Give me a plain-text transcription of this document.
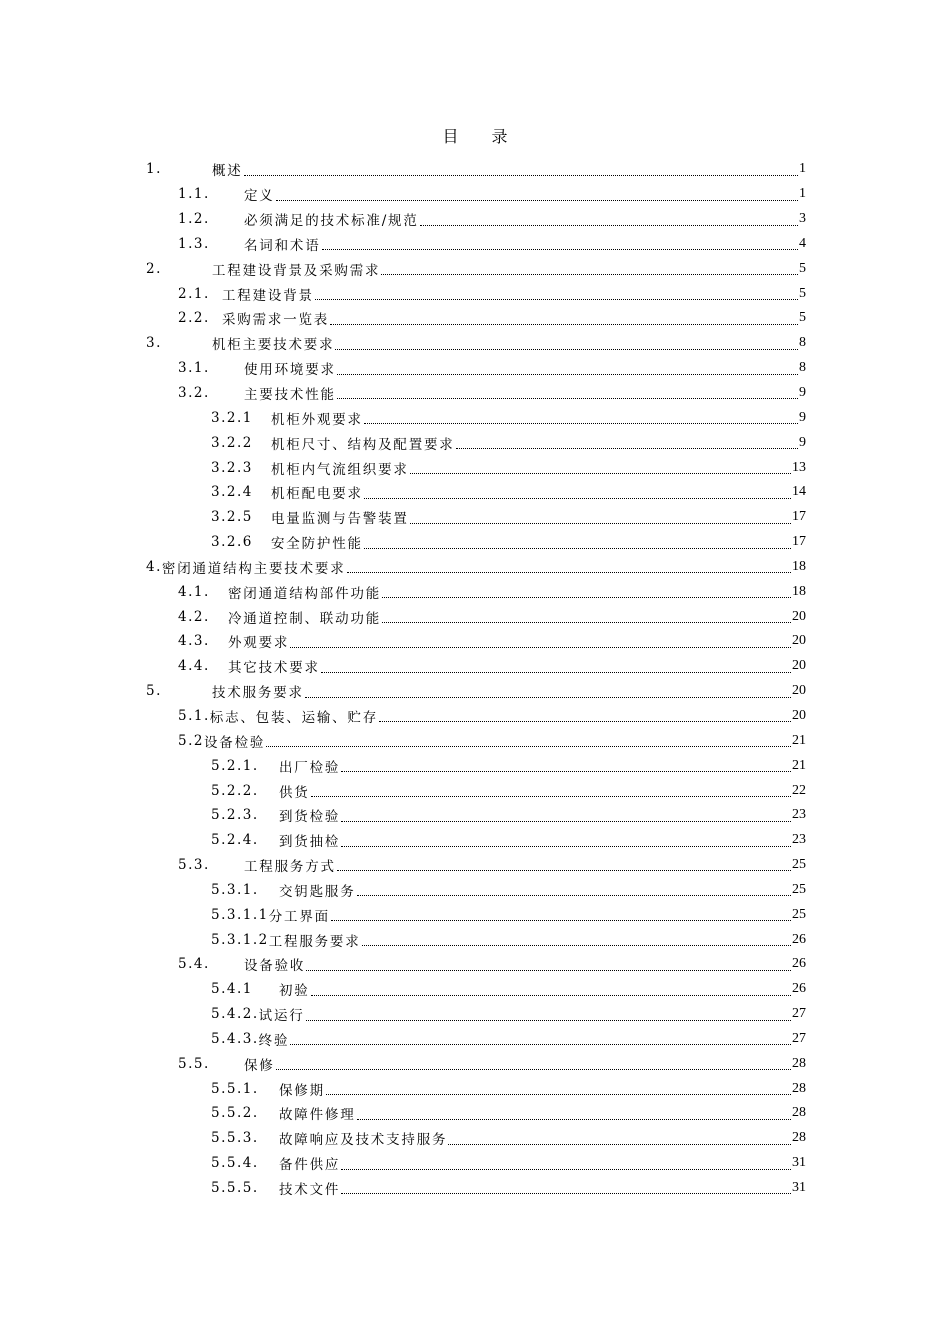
目 录
1.	概述	1
1.1.	定义	1
1.2.	必须满足的技术标准/规范	3
1.3.	名词和术语	4
2.	工程建设背景及采购需求	5
2.1. 工程建设背景	5
2.2. 采购需求一览表	5
3.	机柜主要技术要求	8
3.1.	使用环境要求	8
3.2.	主要技术性能	9
3.2.1	机柜外观要求	9
3.2.2	机柜尺寸、结构及配置要求	9
3.2.3	机柜内气流组织要求	13
3.2.4	机柜配电要求	14
3.2.5	电量监测与告警装置	17
3.2.6	安全防护性能	17
4. 密闭通道结构主要技术要求	18
4.1.	密闭通道结构部件功能	18
4.2.	冷通道控制、联动功能	20
4.3.	外观要求	20
4.4.	其它技术要求	20
5.	技术服务要求	20
5.1. 标志、包装、运输、贮存	20
5.2 设备检验	21
5.2.1.	出厂检验	21
5.2.2.	供货	22
5.2.3.	到货检验	23
5.2.4.	到货抽检	23
5.3.	工程服务方式	25
5.3.1.	交钥匙服务	25
5.3.1.1 分工界面	25
5.3.1.2 工程服务要求	26
5.4.	设备验收	26
5.4.1	初验	26
5.4.2. 试运行	27
5.4.3. 终验	27
5.5.	保修	28
5.5.1.	保修期	28
5.5.2.	故障件修理	28
5.5.3.	故障响应及技术支持服务	28
5.5.4.	备件供应	31
5.5.5.	技术文件	31
